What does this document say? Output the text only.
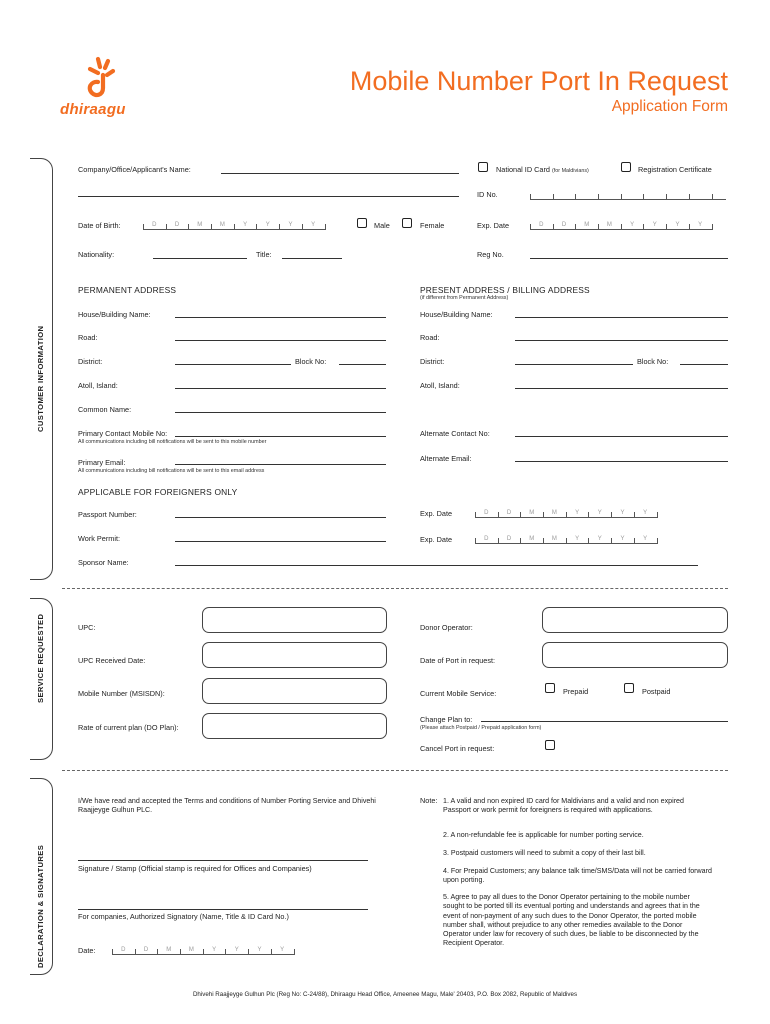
dhiraagu
Mobile Number Port In Request
Application Form
CUSTOMER INFORMATION
SERVICE REQUESTED
DECLARATION & SIGNATURES
Company/Office/Applicant's Name:	National ID Card (for Maldivians)	Registration Certificate
ID No.
Date of Birth:	D	D	M	M	Y	Y	Y	Y	Male	Female	Exp. Date	D	D	M	M	Y	Y	Y	Y
Nationality:	Title:	Reg No.
PERMANENT ADDRESS	PRESENT ADDRESS / BILLING ADDRESS
(if different from Permanent Address)
House/Building Name:	House/Building Name:
Road:	Road:
District:	Block No:	District:	Block No:
Atoll, Island:	Atoll, Island:
Common Name:
Primary Contact Mobile No:
All communications including bill notifications will be sent to this mobile number
Alternate Contact No:
Primary Email:
All communications including bill notifications will be sent to this email address
Alternate Email:
APPLICABLE FOR FOREIGNERS ONLY
Passport Number:	Exp. Date	D	D	M	M	Y	Y	Y	Y
Work Permit:	Exp. Date	D	D	M	M	Y	Y	Y	Y
Sponsor Name:
UPC:	Donor Operator:
UPC Received Date:	Date of Port in request:
Mobile Number (MSISDN):	Current Mobile Service:	Prepaid	Postpaid
Rate of current plan (DO Plan):
Change Plan to:
(Please attach Postpaid / Prepaid application form)
Cancel Port in request:
I/We have read and accepted the Terms and conditions of Number Porting Service and Dhivehi Raajjeyge Gulhun PLC.
Signature / Stamp (Official stamp is required for Offices and Companies)
For companies, Authorized Signatory (Name, Title & ID Card No.)
Date:	D	D	M	M	Y	Y	Y	Y
Note: 1. A valid and non expired ID card for Maldivians and a valid and non expired Passport or work permit for foreigners is required with applications.
2. A non-refundable fee is applicable for number porting service.
3. Postpaid customers will need to submit a copy of their last bill.
4. For Prepaid Customers; any balance talk time/SMS/Data will not be carried forward upon porting.
5. Agree to pay all dues to the Donor Operator pertaining to the mobile number sought to be ported till its eventual porting and understands and agrees that in the event of non-payment of any such dues to the Donor Operator, the ported mobile number shall, without prejudice to any other remedies available to the Donor Operator under law for recovery of such dues, be liable to be disconnected by the Recipient Operator.
Dhivehi Raajjeyge Gulhun Plc (Reg No: C-24/88), Dhiraagu Head Office, Ameenee Magu, Male' 20403, P.O. Box 2082, Republic of Maldives
